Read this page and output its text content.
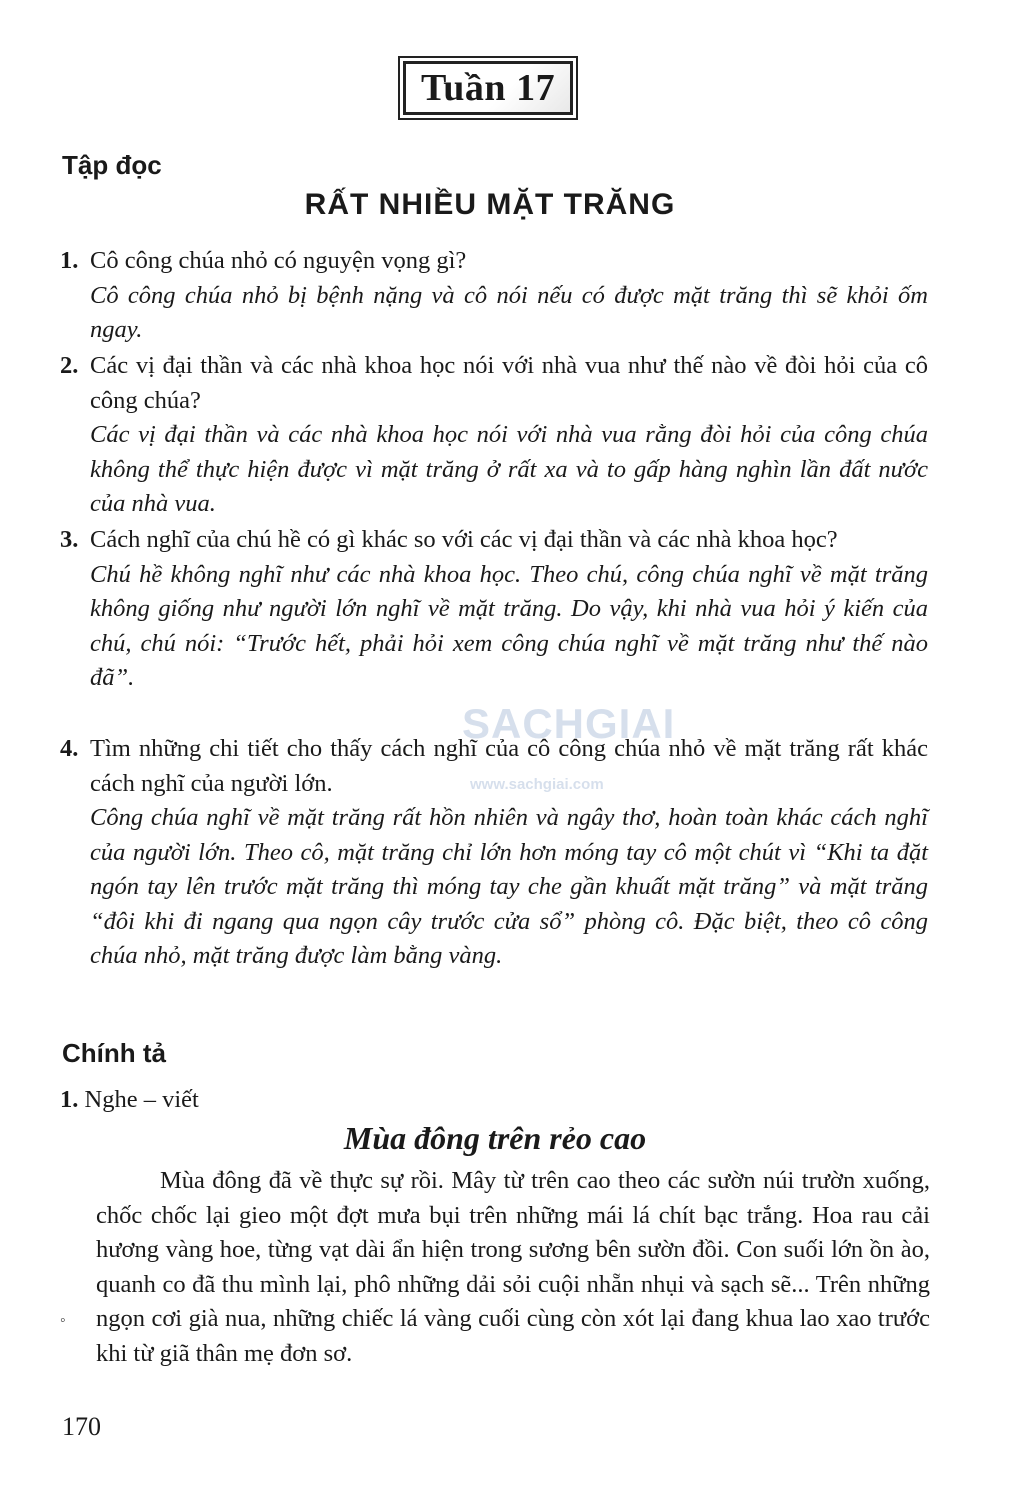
Tuần 17
Tập đọc
RẤT NHIỀU MẶT TRĂNG
1. Cô công chúa nhỏ có nguyện vọng gì?
Cô công chúa nhỏ bị bệnh nặng và cô nói nếu có được mặt trăng thì sẽ khỏi ốm ngay.
2. Các vị đại thần và các nhà khoa học nói với nhà vua như thế nào về đòi hỏi của cô công chúa?
Các vị đại thần và các nhà khoa học nói với nhà vua rằng đòi hỏi của công chúa không thể thực hiện được vì mặt trăng ở rất xa và to gấp hàng nghìn lần đất nước của nhà vua.
3. Cách nghĩ của chú hề có gì khác so với các vị đại thần và các nhà khoa học?
Chú hề không nghĩ như các nhà khoa học. Theo chú, công chúa nghĩ về mặt trăng không giống như người lớn nghĩ về mặt trăng. Do vậy, khi nhà vua hỏi ý kiến của chú, chú nói: “Trước hết, phải hỏi xem công chúa nghĩ về mặt trăng như thế nào đã”.
4. Tìm những chi tiết cho thấy cách nghĩ của cô công chúa nhỏ về mặt trăng rất khác cách nghĩ của người lớn.
Công chúa nghĩ về mặt trăng rất hồn nhiên và ngây thơ, hoàn toàn khác cách nghĩ của người lớn. Theo cô, mặt trăng chỉ lớn hơn móng tay cô một chút vì “Khi ta đặt ngón tay lên trước mặt trăng thì móng tay che gần khuất mặt trăng” và mặt trăng “đôi khi đi ngang qua ngọn cây trước cửa sổ” phòng cô. Đặc biệt, theo cô công chúa nhỏ, mặt trăng được làm bằng vàng.
Chính tả
1. Nghe – viết
Mùa đông trên rẻo cao
Mùa đông đã về thực sự rồi. Mây từ trên cao theo các sườn núi trườn xuống, chốc chốc lại gieo một đợt mưa bụi trên những mái lá chít bạc trắng. Hoa rau cải hương vàng hoe, từng vạt dài ẩn hiện trong sương bên sườn đồi. Con suối lớn ồn ào, quanh co đã thu mình lại, phô những dải sỏi cuội nhẵn nhụi và sạch sẽ... Trên những ngọn cơi già nua, những chiếc lá vàng cuối cùng còn xót lại đang khua lao xao trước khi từ giã thân mẹ đơn sơ.
◦
170
SACHGIAI
www.sachgiai.com
